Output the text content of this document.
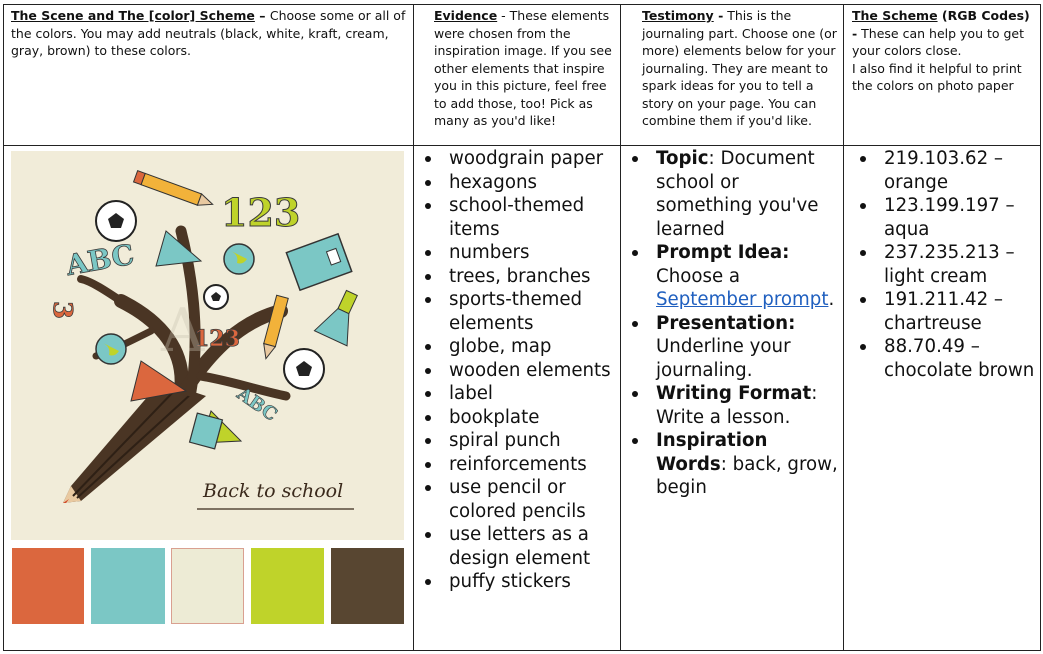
The Scene and The [color] Scheme – Choose some or all of the colors. You may add neutrals (black, white, kraft, cream, gray, brown) to these colors.
Evidence - These elements were chosen from the inspiration image. If you see other elements that inspire you in this picture, feel free to add those, too! Pick as many as you'd like!
Testimony - This is the journaling part. Choose one (or more) elements below for your journaling. They are meant to spark ideas for you to tell a story on your page. You can combine them if you'd like.
The Scheme (RGB Codes) - These can help you to get your colors close.
I also find it helpful to print the colors on photo paper
123
123
3
ABC
ABC
A
Back to school
woodgrain paper
hexagons
school-themed items
numbers
trees, branches
sports-themed elements
globe, map
wooden elements
label
bookplate
spiral punch
reinforcements
use pencil or colored pencils
use letters as a design element
puffy stickers
Topic: Document school or something you've learned
Prompt Idea: Choose a September prompt.
Presentation: Underline your journaling.
Writing Format: Write a lesson.
Inspiration Words: back, grow, begin
219.103.62 – orange
123.199.197 – aqua
237.235.213 – light cream
191.211.42 – chartreuse
88.70.49 – chocolate brown
